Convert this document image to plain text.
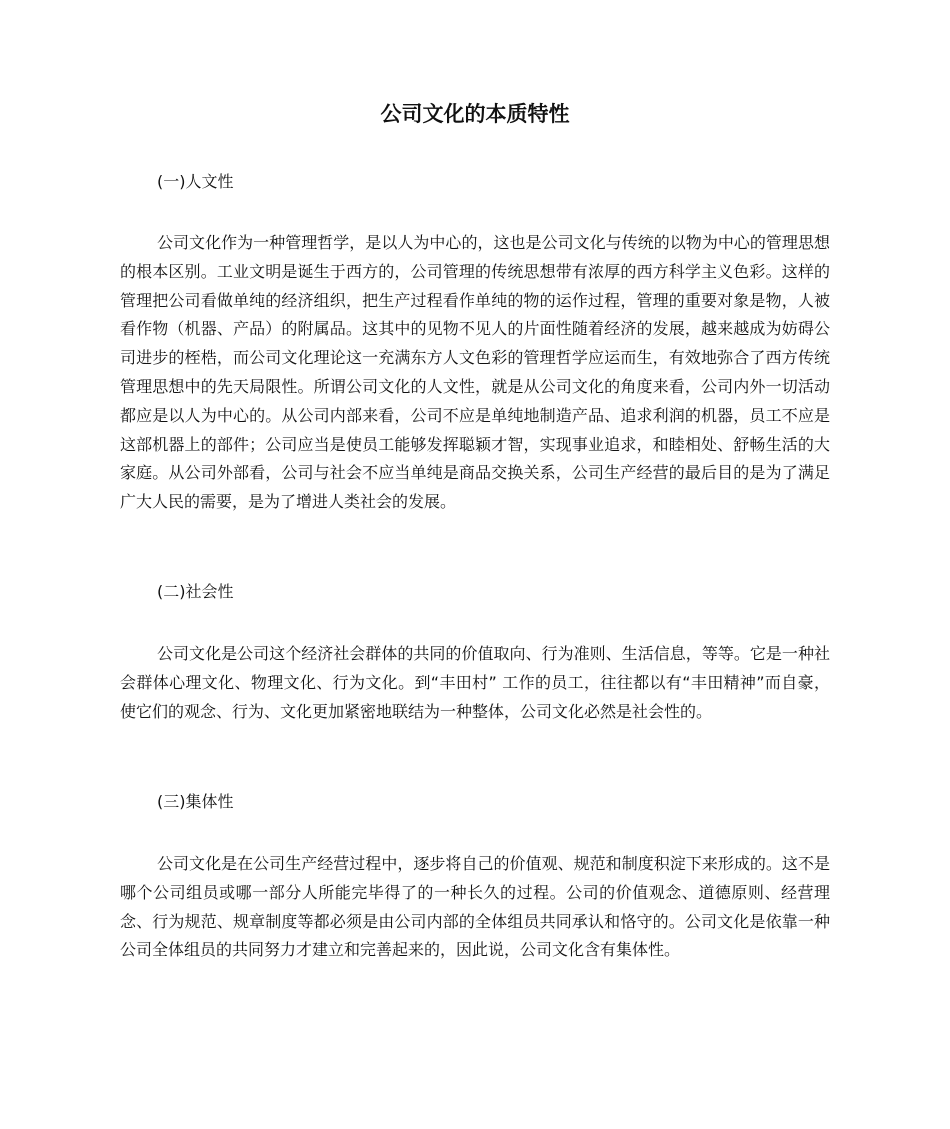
公司文化的本质特性
(一)人文性

公司文化作为一种管理哲学，是以人为中心的，这也是公司文化与传统的以物为中心的管理思想的根本区别。工业文明是诞生于西方的，公司管理的传统思想带有浓厚的西方科学主义色彩。这样的管理把公司看做单纯的经济组织，把生产过程看作单纯的物的运作过程，管理的重要对象是物，人被看作物（机器、产品）的附属品。这其中的见物不见人的片面性随着经济的发展，越来越成为妨碍公司进步的桎梏，而公司文化理论这一充满东方人文色彩的管理哲学应运而生，有效地弥合了西方传统管理思想中的先天局限性。所谓公司文化的人文性，就是从公司文化的角度来看，公司内外一切活动都应是以人为中心的。从公司内部来看，公司不应是单纯地制造产品、追求利润的机器，员工不应是这部机器上的部件；公司应当是使员工能够发挥聪颖才智，实现事业追求，和睦相处、舒畅生活的大家庭。从公司外部看，公司与社会不应当单纯是商品交换关系，公司生产经营的最后目的是为了满足广大人民的需要，是为了增进人类社会的发展。

(二)社会性

公司文化是公司这个经济社会群体的共同的价值取向、行为准则、生活信息，等等。它是一种社会群体心理文化、物理文化、行为文化。到“丰田村” 工作的员工，往往都以有“丰田精神”而自豪，使它们的观念、行为、文化更加紧密地联结为一种整体，公司文化必然是社会性的。

(三)集体性

公司文化是在公司生产经营过程中，逐步将自己的价值观、规范和制度积淀下来形成的。这不是哪个公司组员或哪一部分人所能完毕得了的一种长久的过程。公司的价值观念、道德原则、经营理念、行为规范、规章制度等都必须是由公司内部的全体组员共同承认和恪守的。公司文化是依靠一种公司全体组员的共同努力才建立和完善起来的，因此说，公司文化含有集体性。
